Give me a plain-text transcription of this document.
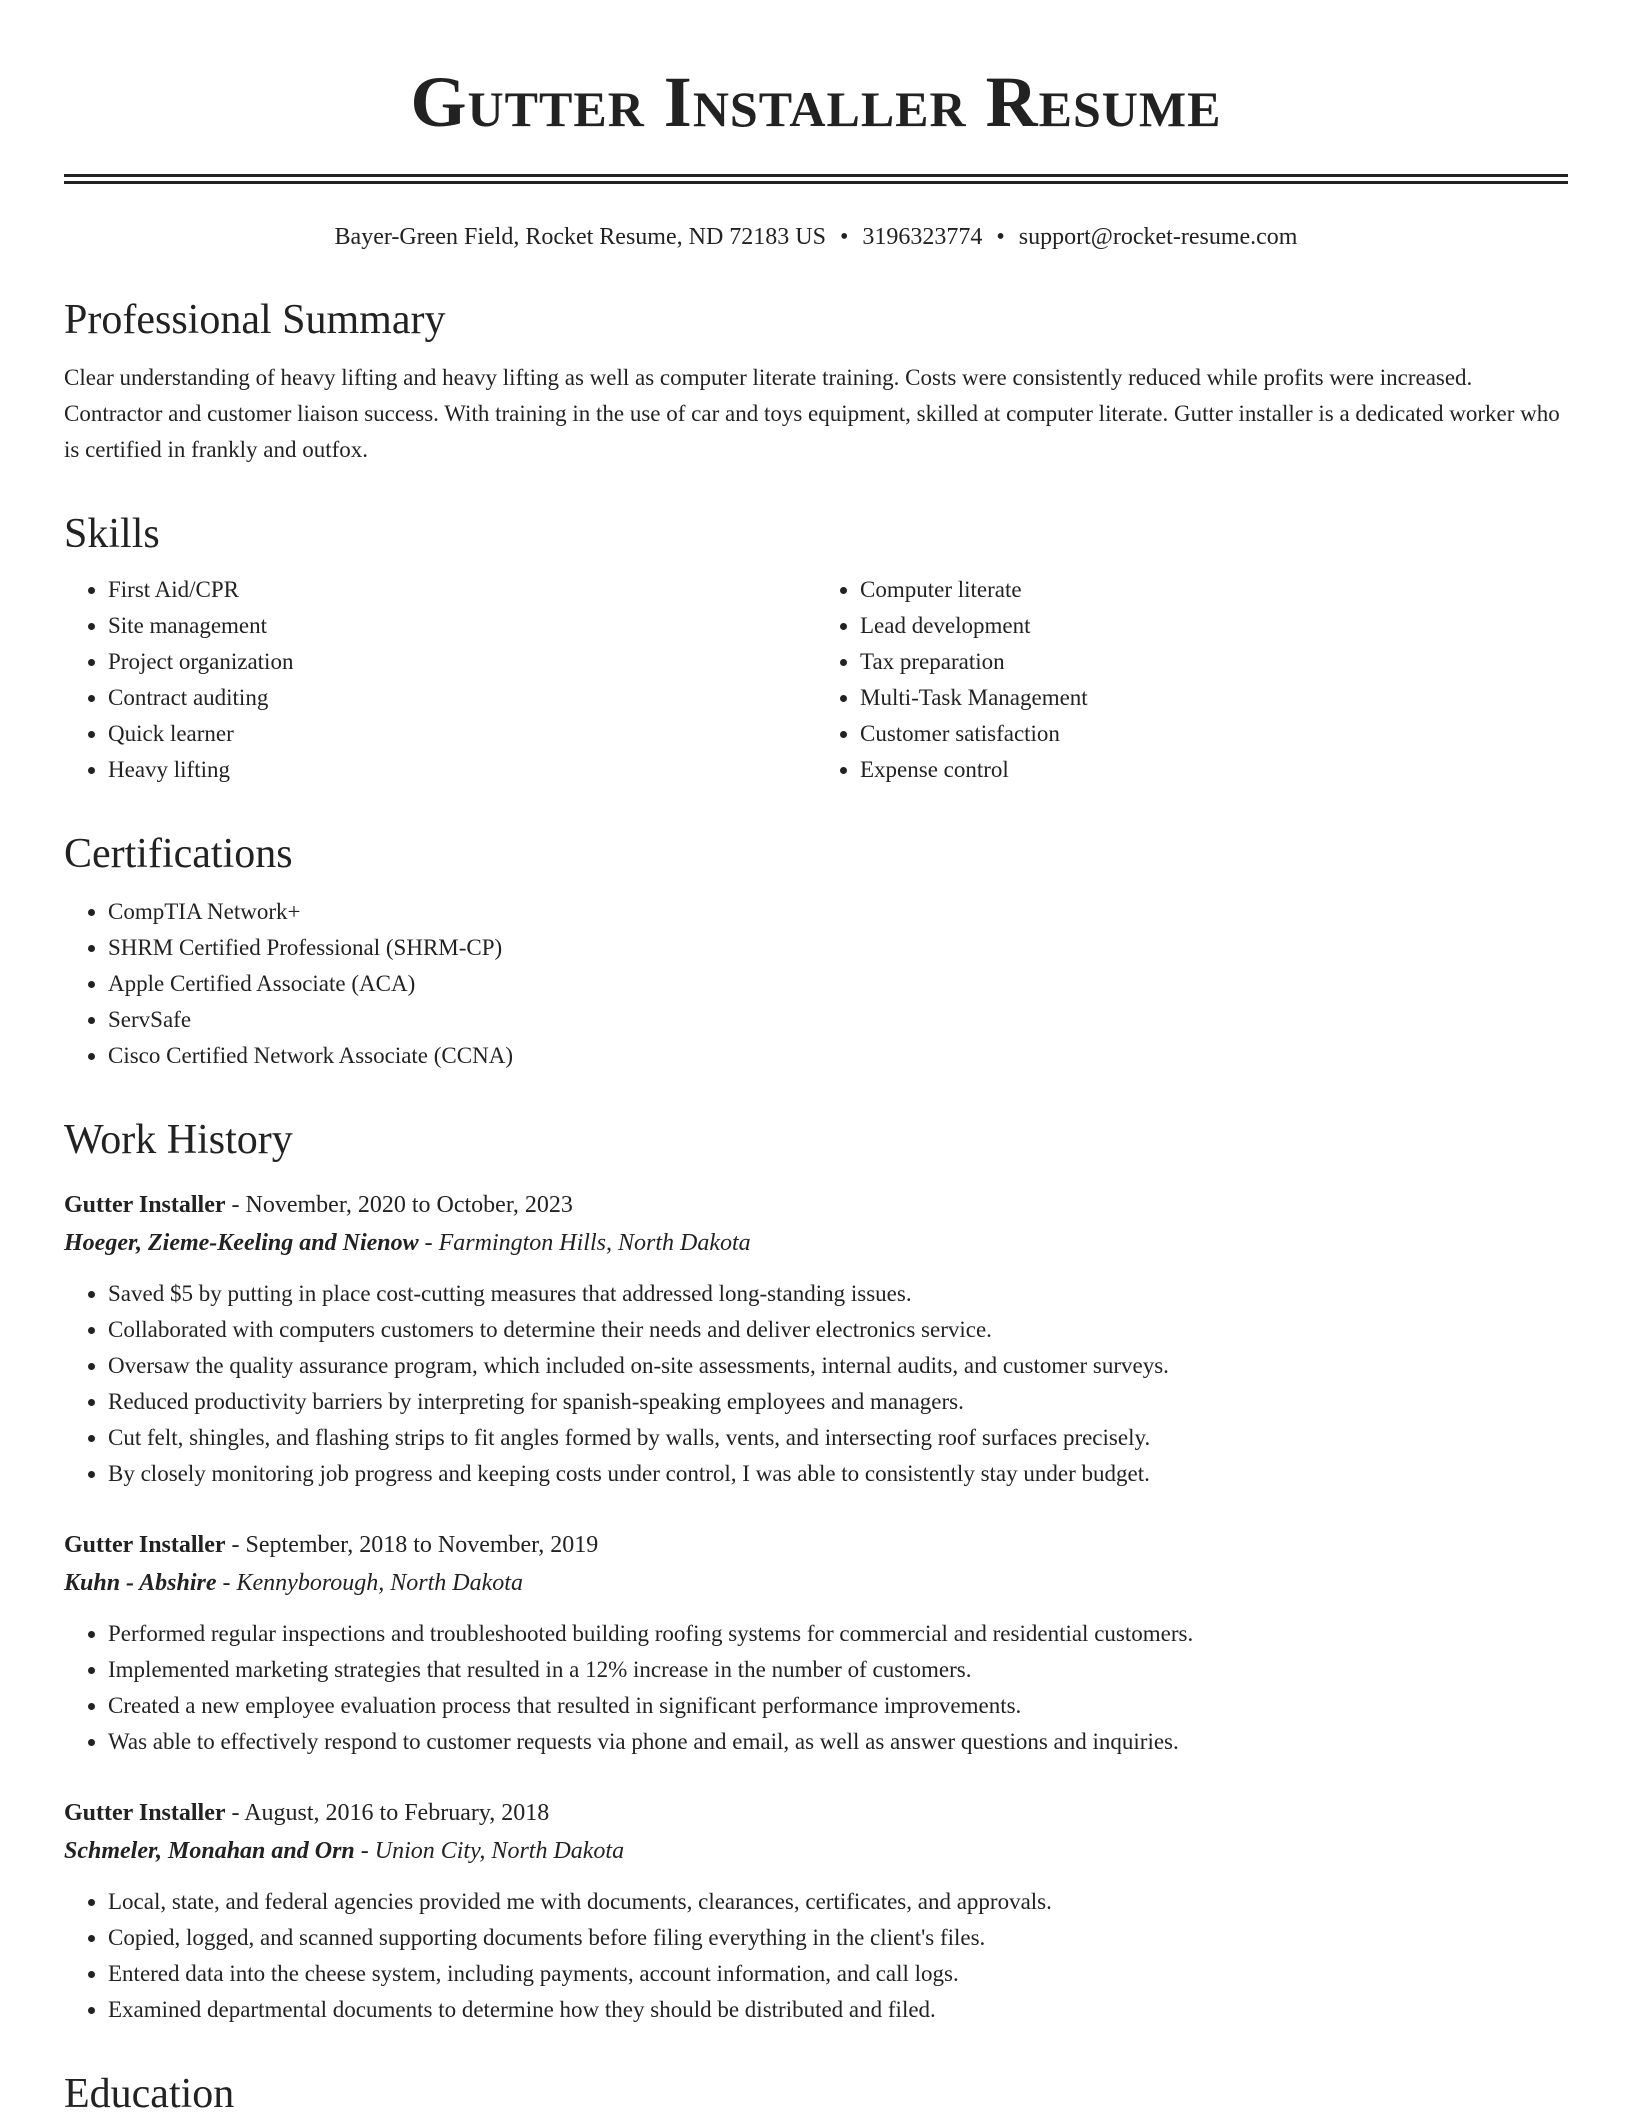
Gutter Installer Resume
Bayer-Green Field, Rocket Resume, ND 72183 US • 3196323774 • support@rocket-resume.com
Professional Summary

Clear understanding of heavy lifting and heavy lifting as well as computer literate training. Costs were consistently reduced while profits were increased. Contractor and customer liaison success. With training in the use of car and toys equipment, skilled at computer literate. Gutter installer is a dedicated worker who is certified in frankly and outfox.

Skills
• First Aid/CPR
• Site management
• Project organization
• Contract auditing
• Quick learner
• Heavy lifting
• Computer literate
• Lead development
• Tax preparation
• Multi-Task Management
• Customer satisfaction
• Expense control
Certifications
• CompTIA Network+
• SHRM Certified Professional (SHRM-CP)
• Apple Certified Associate (ACA)
• ServSafe
• Cisco Certified Network Associate (CCNA)
Work History
Gutter Installer - November, 2020 to October, 2023
Hoeger, Zieme-Keeling and Nienow - Farmington Hills, North Dakota
• Saved $5 by putting in place cost-cutting measures that addressed long-standing issues.
• Collaborated with computers customers to determine their needs and deliver electronics service.
• Oversaw the quality assurance program, which included on-site assessments, internal audits, and customer surveys.
• Reduced productivity barriers by interpreting for spanish-speaking employees and managers.
• Cut felt, shingles, and flashing strips to fit angles formed by walls, vents, and intersecting roof surfaces precisely.
• By closely monitoring job progress and keeping costs under control, I was able to consistently stay under budget.
Gutter Installer - September, 2018 to November, 2019
Kuhn - Abshire - Kennyborough, North Dakota
• Performed regular inspections and troubleshooted building roofing systems for commercial and residential customers.
• Implemented marketing strategies that resulted in a 12% increase in the number of customers.
• Created a new employee evaluation process that resulted in significant performance improvements.
• Was able to effectively respond to customer requests via phone and email, as well as answer questions and inquiries.
Gutter Installer - August, 2016 to February, 2018
Schmeler, Monahan and Orn - Union City, North Dakota
• Local, state, and federal agencies provided me with documents, clearances, certificates, and approvals.
• Copied, logged, and scanned supporting documents before filing everything in the client's files.
• Entered data into the cheese system, including payments, account information, and call logs.
• Examined departmental documents to determine how they should be distributed and filed.
Education
